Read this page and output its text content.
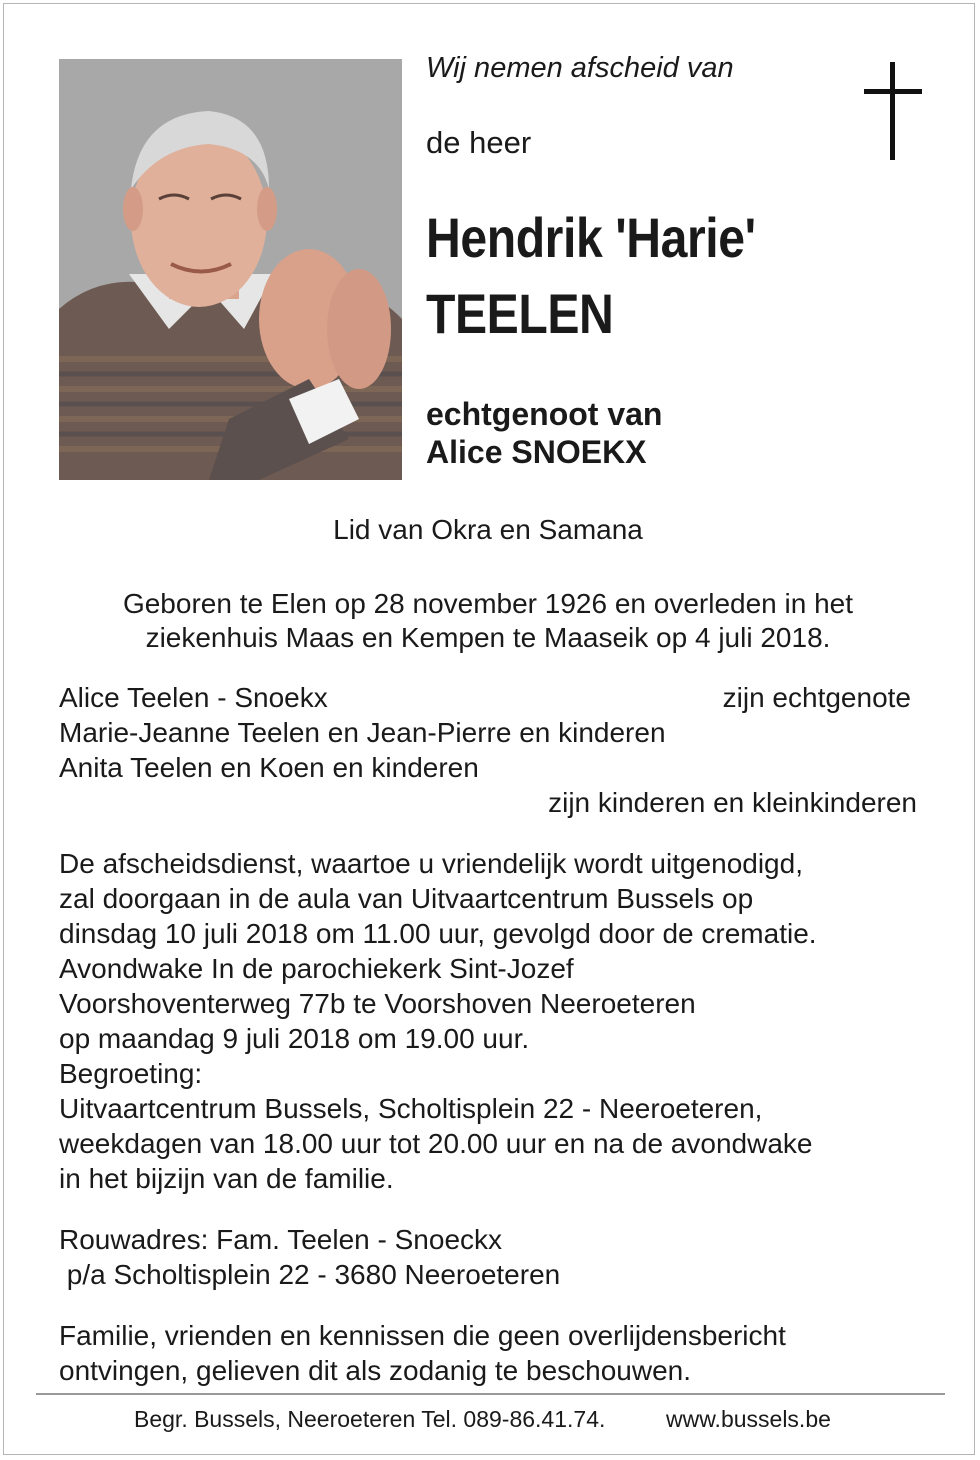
Wij nemen afscheid van
de heer
Hendrik 'Harie'
TEELEN
echtgenoot van
Alice SNOEKX
Lid van Okra en Samana
Geboren te Elen op 28 november 1926 en overleden in het
ziekenhuis Maas en Kempen te Maaseik op 4 juli 2018.
Alice Teelen - Snoekx	zijn echtgenote
Marie-Jeanne Teelen en Jean-Pierre en kinderen
Anita Teelen en Koen en kinderen
zijn kinderen en kleinkinderen
De afscheidsdienst, waartoe u vriendelijk wordt uitgenodigd,
zal doorgaan in de aula van Uitvaartcentrum Bussels op
dinsdag 10 juli 2018 om 11.00 uur, gevolgd door de crematie.
Avondwake In de parochiekerk Sint-Jozef
Voorshoventerweg 77b te Voorshoven Neeroeteren
op maandag 9 juli 2018 om 19.00 uur.
Begroeting:
Uitvaartcentrum Bussels, Scholtisplein 22 - Neeroeteren,
weekdagen van 18.00 uur tot 20.00 uur en na de avondwake
in het bijzijn van de familie.
Rouwadres: Fam. Teelen - Snoeckx
p/a Scholtisplein 22 - 3680 Neeroeteren
Familie, vrienden en kennissen die geen overlijdensbericht
ontvingen, gelieven dit als zodanig te beschouwen.
Begr. Bussels, Neeroeteren Tel. 089-86.41.74.	www.bussels.be
